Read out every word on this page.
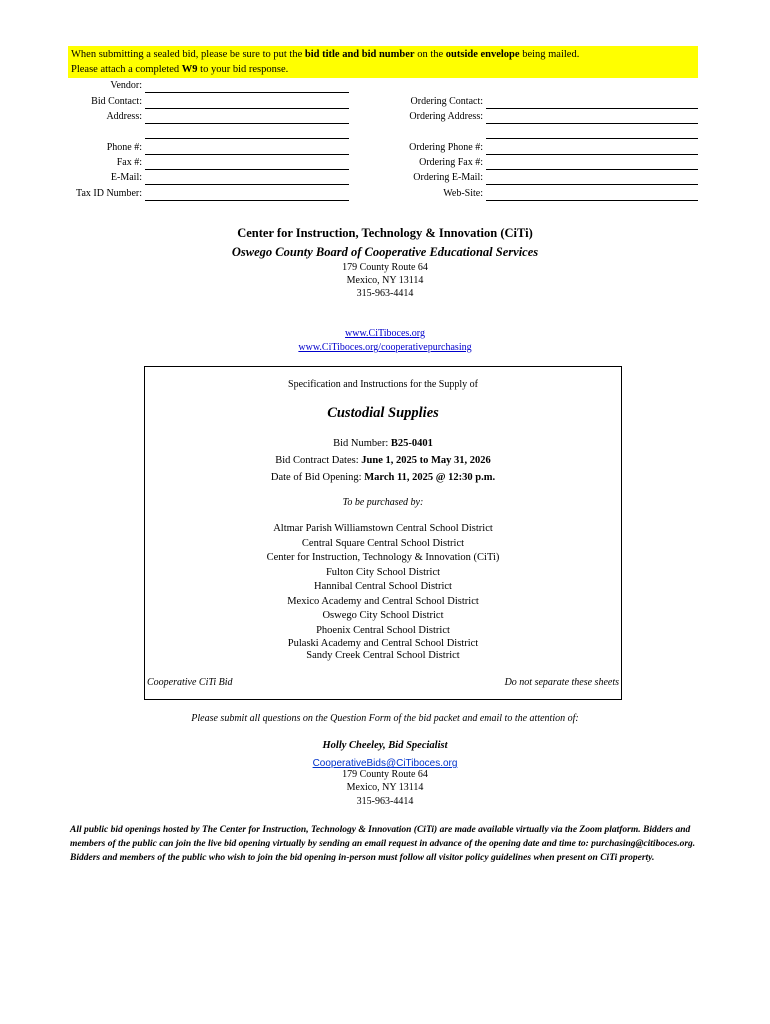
When submitting a sealed bid, please be sure to put the bid title and bid number on the outside envelope being mailed.
Please attach a completed W9 to your bid response.
Vendor:
Bid Contact:
Address:
Phone #:
Fax #:
E-Mail:
Tax ID Number:
Ordering Contact:
Ordering Address:
Ordering Phone #:
Ordering Fax #:
Ordering E-Mail:
Web-Site:
Center for Instruction, Technology & Innovation (CiTi)
Oswego County Board of Cooperative Educational Services
179 County Route 64
Mexico, NY 13114
315-963-4414
www.CiTiboces.org
www.CiTiboces.org/cooperativepurchasing
Specification and Instructions for the Supply of
Custodial Supplies
Bid Number: B25-0401
Bid Contract Dates: June 1, 2025 to May 31, 2026
Date of Bid Opening: March 11, 2025 @ 12:30 p.m.
To be purchased by:
Altmar Parish Williamstown Central School District
Central Square Central School District
Center for Instruction, Technology & Innovation (CiTi)
Fulton City School District
Hannibal Central School District
Mexico Academy and Central School District
Oswego City School District
Phoenix Central School District
Pulaski Academy and Central School District
Sandy Creek Central School District
Cooperative CiTi Bid	Do not separate these sheets
Please submit all questions on the Question Form of the bid packet and email to the attention of:
Holly Cheeley, Bid Specialist
CooperativeBids@CiTiboces.org
179 County Route 64
Mexico, NY 13114
315-963-4414
All public bid openings hosted by The Center for Instruction, Technology & Innovation (CiTi) are made available virtually via the Zoom platform. Bidders and members of the public can join the live bid opening virtually by sending an email request in advance of the opening date and time to: purchasing@citiboces.org. Bidders and members of the public who wish to join the bid opening in-person must follow all visitor policy guidelines when present on CiTi property.
